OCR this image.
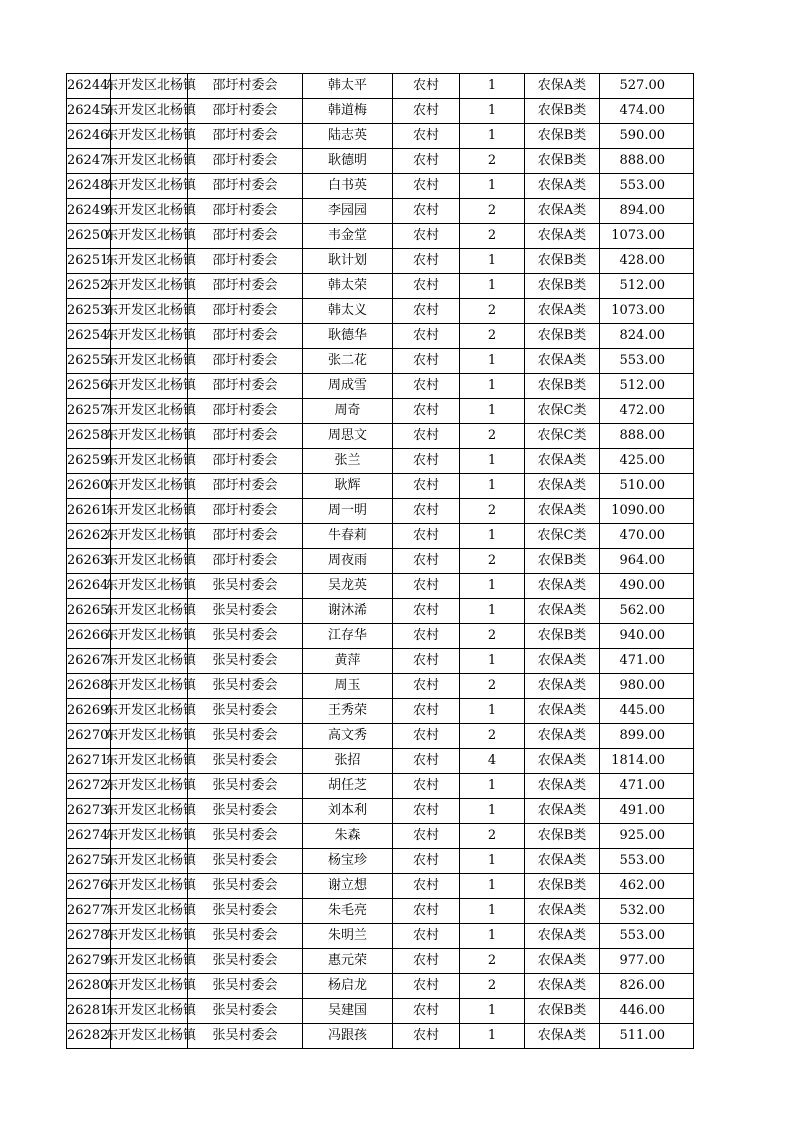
26244	东开发区北杨镇	邵圩村委会	韩太平	农村	1	农保A类	527.00
26245	东开发区北杨镇	邵圩村委会	韩道梅	农村	1	农保B类	474.00
26246	东开发区北杨镇	邵圩村委会	陆志英	农村	1	农保B类	590.00
26247	东开发区北杨镇	邵圩村委会	耿德明	农村	2	农保B类	888.00
26248	东开发区北杨镇	邵圩村委会	白书英	农村	1	农保A类	553.00
26249	东开发区北杨镇	邵圩村委会	李园园	农村	2	农保A类	894.00
26250	东开发区北杨镇	邵圩村委会	韦金堂	农村	2	农保A类	1073.00
26251	东开发区北杨镇	邵圩村委会	耿计划	农村	1	农保B类	428.00
26252	东开发区北杨镇	邵圩村委会	韩太荣	农村	1	农保B类	512.00
26253	东开发区北杨镇	邵圩村委会	韩太义	农村	2	农保A类	1073.00
26254	东开发区北杨镇	邵圩村委会	耿德华	农村	2	农保B类	824.00
26255	东开发区北杨镇	邵圩村委会	张二花	农村	1	农保A类	553.00
26256	东开发区北杨镇	邵圩村委会	周成雪	农村	1	农保B类	512.00
26257	东开发区北杨镇	邵圩村委会	周奇	农村	1	农保C类	472.00
26258	东开发区北杨镇	邵圩村委会	周思文	农村	2	农保C类	888.00
26259	东开发区北杨镇	邵圩村委会	张兰	农村	1	农保A类	425.00
26260	东开发区北杨镇	邵圩村委会	耿辉	农村	1	农保A类	510.00
26261	东开发区北杨镇	邵圩村委会	周一明	农村	2	农保A类	1090.00
26262	东开发区北杨镇	邵圩村委会	牛春莉	农村	1	农保C类	470.00
26263	东开发区北杨镇	邵圩村委会	周夜雨	农村	2	农保B类	964.00
26264	东开发区北杨镇	张吴村委会	吴龙英	农村	1	农保A类	490.00
26265	东开发区北杨镇	张吴村委会	谢沐浠	农村	1	农保A类	562.00
26266	东开发区北杨镇	张吴村委会	江存华	农村	2	农保B类	940.00
26267	东开发区北杨镇	张吴村委会	黄萍	农村	1	农保A类	471.00
26268	东开发区北杨镇	张吴村委会	周玉	农村	2	农保A类	980.00
26269	东开发区北杨镇	张吴村委会	王秀荣	农村	1	农保A类	445.00
26270	东开发区北杨镇	张吴村委会	高文秀	农村	2	农保A类	899.00
26271	东开发区北杨镇	张吴村委会	张招	农村	4	农保A类	1814.00
26272	东开发区北杨镇	张吴村委会	胡任芝	农村	1	农保A类	471.00
26273	东开发区北杨镇	张吴村委会	刘本利	农村	1	农保A类	491.00
26274	东开发区北杨镇	张吴村委会	朱森	农村	2	农保B类	925.00
26275	东开发区北杨镇	张吴村委会	杨宝珍	农村	1	农保A类	553.00
26276	东开发区北杨镇	张吴村委会	谢立想	农村	1	农保B类	462.00
26277	东开发区北杨镇	张吴村委会	朱毛亮	农村	1	农保A类	532.00
26278	东开发区北杨镇	张吴村委会	朱明兰	农村	1	农保A类	553.00
26279	东开发区北杨镇	张吴村委会	惠元荣	农村	2	农保A类	977.00
26280	东开发区北杨镇	张吴村委会	杨启龙	农村	2	农保A类	826.00
26281	东开发区北杨镇	张吴村委会	吴建国	农村	1	农保B类	446.00
26282	东开发区北杨镇	张吴村委会	冯跟孩	农村	1	农保A类	511.00
